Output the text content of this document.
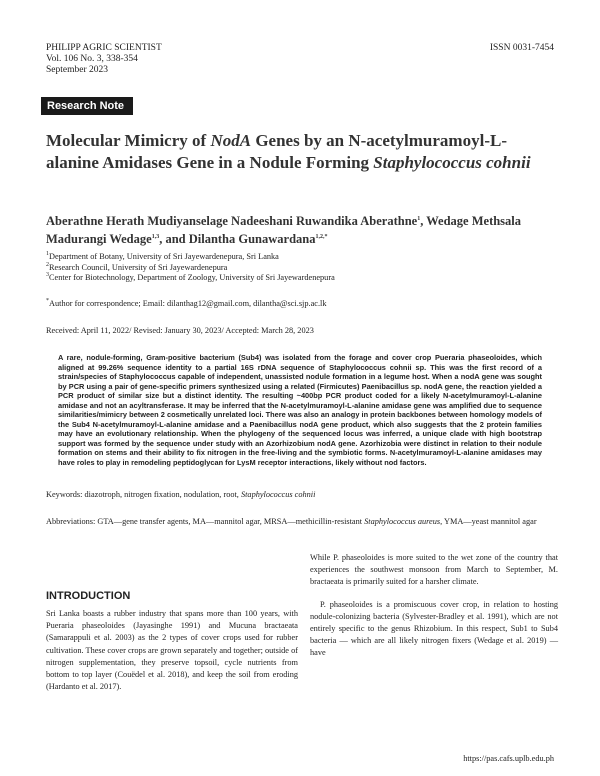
PHILIPP AGRIC SCIENTIST
Vol. 106 No. 3, 338-354
September 2023
ISSN 0031-7454
Research Note
Molecular Mimicry of NodA Genes by an N-acetylmuramoyl-L-alanine Amidases Gene in a Nodule Forming Staphylococcus cohnii
Aberathne Herath Mudiyanselage Nadeeshani Ruwandika Aberathne$^1$, Wedage Methsala Madurangi Wedage$^{1,3}$, and Dilantha Gunawardana$^{1,2,*}$
$^1$Department of Botany, University of Sri Jayewardenepura, Sri Lanka
$^2$Research Council, University of Sri Jayewardenepura
$^3$Center for Biotechnology, Department of Zoology, University of Sri Jayewardenepura
*Author for correspondence; Email: dilanthag12@gmail.com, dilantha@sci.sjp.ac.lk
Received: April 11, 2022/ Revised: January 30, 2023/ Accepted: March 28, 2023
A rare, nodule-forming, Gram-positive bacterium (Sub4) was isolated from the forage and cover crop Pueraria phaseoloides, which aligned at 99.26% sequence identity to a partial 16S rDNA sequence of Staphylococcus cohnii sp. This was the first record of a strain/species of Staphylococcus capable of independent, unassisted nodule formation in a legume host. When a nodA gene was sought by PCR using a pair of gene-specific primers synthesized using a related (Firmicutes) Paenibacillus sp. nodA gene, the reaction yielded a PCR product of similar size but a distinct identity. The resulting ~400bp PCR product coded for a likely N-acetylmuramoyl-L-alanine amidase and not an acyltransferase. It may be inferred that the N-acetylmuramoyl-L-alanine amidase gene was amplified due to sequence similarities/mimicry between 2 cosmetically unrelated loci. There was also an analogy in protein backbones between homology models of the Sub4 N-acetylmuramoyl-L-alanine amidase and a Paenibacillus nodA gene product, which also suggests that the 2 protein families may have an evolutionary relationship. When the phylogeny of the sequenced locus was inferred, a unique clade with high bootstrap support was formed by the sequence under study with an Azorhizobium nodA gene. Azorhizobia were distinct in relation to their nodule formation on stems and their ability to fix nitrogen in the free-living and the symbiotic forms. N-acetylmuramoyl-L-alanine amidases may have roles to play in remodeling peptidoglycan for LysM receptor interactions, likely without nod factors.
Keywords: diazotroph, nitrogen fixation, nodulation, root, Staphylococcus cohnii
Abbreviations: GTA—gene transfer agents, MA—mannitol agar, MRSA—methicillin-resistant Staphylococcus aureus, YMA—yeast mannitol agar
INTRODUCTION
Sri Lanka boasts a rubber industry that spans more than 100 years, with Pueraria phaseoloides (Jayasinghe 1991) and Mucuna bractaeata (Samarappuli et al. 2003) as the 2 types of cover crops used for rubber cultivation. These cover crops are grown separately and together; outside of nitrogen supplementation, they preserve topsoil, cycle nutrients from bottom to top layer (Couëdel et al. 2018), and keep the soil from eroding (Hardanto et al. 2017).

While P. phaseoloides is more suited to the wet zone of the country that experiences the southwest monsoon from March to September, M. bractaeata is primarily suited for a harsher climate.

P. phaseoloides is a promiscuous cover crop, in relation to hosting nodule-colonizing bacteria (Sylvester-Bradley et al. 1991), which are not entirely specific to the genus Rhizobium. In this respect, Sub1 to Sub4 bacteria — which are all likely nitrogen fixers (Wedage et al. 2019) —have

https://pas.cafs.uplb.edu.ph
